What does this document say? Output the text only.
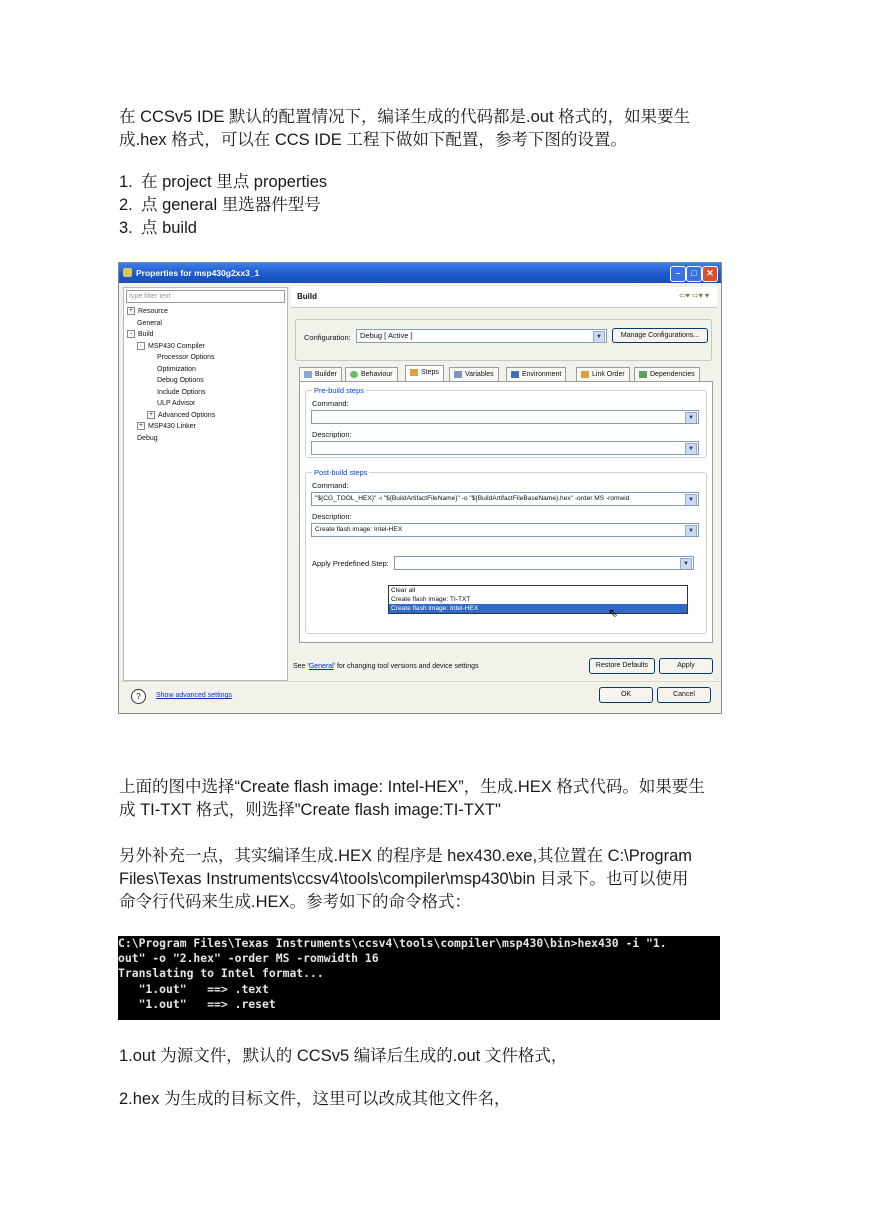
在 CCSv5 IDE 默认的配置情况下，编译生成的代码都是.out 格式的，如果要生
成.hex 格式，可以在 CCS IDE 工程下做如下配置，参考下图的设置。

1. 在 project 里点 properties
2. 点 general 里选器件型号
3. 点 build
Properties for msp430g2xx3_1	–	□	✕
type filter text
+ Resource
General
- Build
- MSP430 Compiler
Processor Options
Optimization
Debug Options
Include Options
ULP Advisor
+ Advanced Options
+ MSP430 Linker
Debug
Build	⇦▾ ⇨▾ ▾
Configuration:	Debug [ Active ]	▼	Manage Configurations...
Builder	Behaviour	Steps	Variables	Environment	Link Order	Dependencies
Pre-build steps
Command:
▼
Description:
▼
Post-build steps
Command:
"${CG_TOOL_HEX}" -i "${BuildArtifactFileName}" -o "${BuildArtifactFileBaseName}.hex" -order MS -romwid	▼
Description:
Create flash image: Intel-HEX	▼
Apply Predefined Step:	▼
Clear all
Create flash image: TI-TXT
Create flash image: Intel-HEX	⇖
See 'General' for changing tool versions and device settings	Restore Defaults	Apply
?	Show advanced settings	OK	Cancel

上面的图中选择“Create flash image: Intel-HEX”，生成.HEX 格式代码。如果要生
成 TI-TXT 格式，则选择"Create flash image:TI-TXT"

另外补充一点，其实编译生成.HEX 的程序是 hex430.exe,其位置在 C:\Program
Files\Texas Instruments\ccsv4\tools\compiler\msp430\bin 目录下。也可以使用
命令行代码来生成.HEX。参考如下的命令格式：

C:\Program Files\Texas Instruments\ccsv4\tools\compiler\msp430\bin>hex430 -i "1.
out" -o "2.hex" -order MS -romwidth 16
Translating to Intel format...
"1.out"   ==> .text
"1.out"   ==> .reset

1.out 为源文件，默认的 CCSv5 编译后生成的.out 文件格式，

2.hex 为生成的目标文件，这里可以改成其他文件名，
